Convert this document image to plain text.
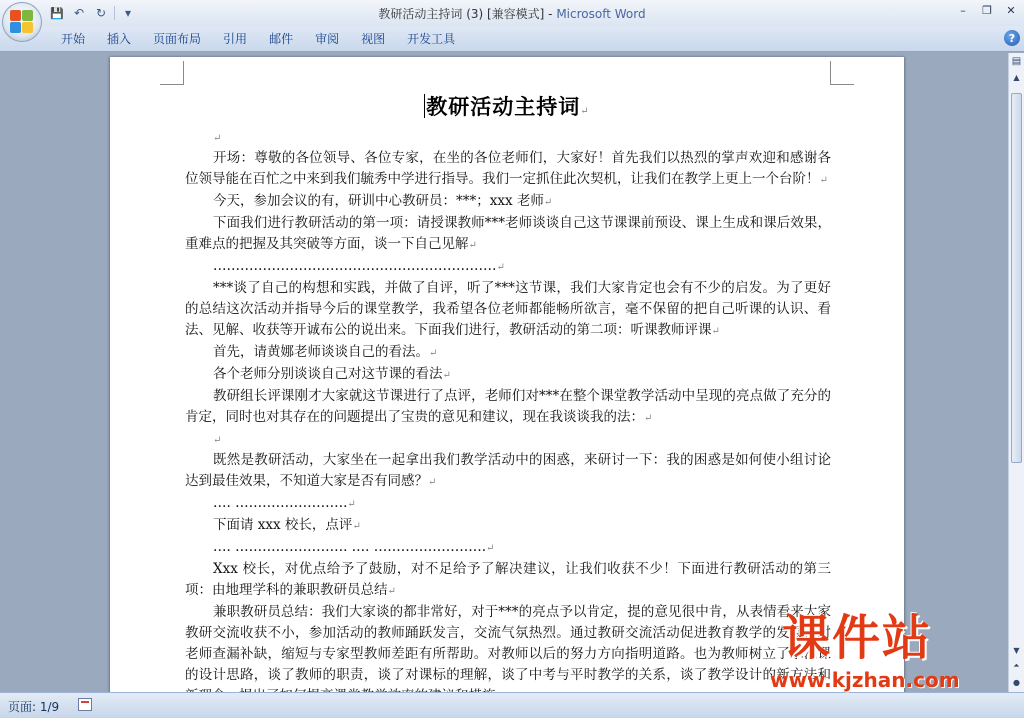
💾 ↶ ↻	▾	教研活动主持词 (3) [兼容模式] - Microsoft Word	–	❐	✕
开始	插入	页面布局	引用	邮件	审阅	视图	开发工具	?
教研活动主持词↵
↵
开场：尊敬的各位领导、各位专家，在坐的各位老师们，大家好！首先我们以热烈的掌声欢迎和感谢各位领导能在百忙之中来到我们毓秀中学进行指导。我们一定抓住此次契机，让我们在教学上更上一个台阶！↵
今天，参加会议的有，研训中心教研员：***；xxx 老师↵
下面我们进行教研活动的第一项：请授课教师***老师谈谈自己这节课课前预设、课上生成和课后效果，重难点的把握及其突破等方面，谈一下自己见解↵
………………………………………………………↵
***谈了自己的构想和实践，并做了自评，听了***这节课，我们大家肯定也会有不少的启发。为了更好的总结这次活动并指导今后的课堂教学，我希望各位老师都能畅所欲言，毫不保留的把自己听课的认识、看法、见解、收获等开诚布公的说出来。下面我们进行，教研活动的第二项：听课教师评课↵
首先，请黄娜老师谈谈自己的看法。↵
各个老师分别谈谈自己对这节课的看法↵
教研组长评课刚才大家就这节课进行了点评，老师们对***在整个课堂教学活动中呈现的亮点做了充分的肯定，同时也对其存在的问题提出了宝贵的意见和建议，现在我谈谈我的法：↵
↵
既然是教研活动，大家坐在一起拿出我们教学活动中的困惑，来研讨一下：我的困惑是如何使小组讨论达到最佳效果，不知道大家是否有同感？↵
…. …………………….↵
下面请 xxx 校长，点评↵
…. ……………………. …. …………………….↵
Xxx 校长，对优点给予了鼓励，对不足给予了解决建议，让我们收获不少！下面进行教研活动的第三项：由地理学科的兼职教研员总结↵
兼职教研员总结：我们大家谈的都非常好，对于***的亮点予以肯定，提的意见很中肯，从表情看来大家教研交流收获不小，参加活动的教师踊跃发言，交流气氛热烈。通过教研交流活动促进教育教学的发展，对老师查漏补缺，缩短与专家型教师差距有所帮助。对教师以后的努力方向指明道路。也为教师树立了示范课的设计思路，谈了教师的职责，谈了对课标的理解，谈了中考与平时教学的关系，谈了教学设计的新方法和
▤
▲
▼
⏶
●
页面: 1/9
课件站
www.kjzhan.com
